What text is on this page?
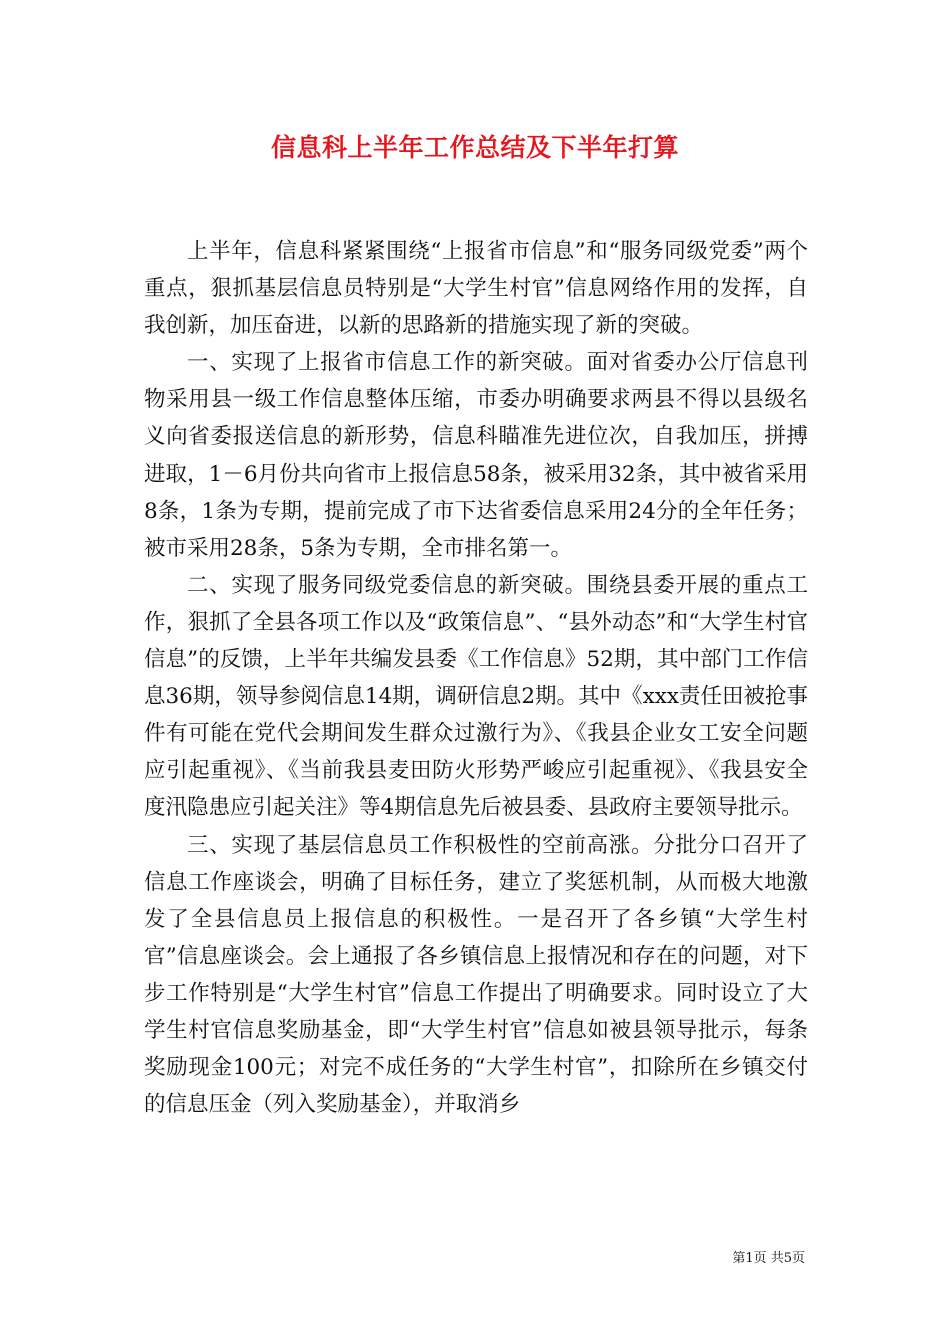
信息科上半年工作总结及下半年打算

上半年，信息科紧紧围绕“上报省市信息”和“服务同级党委”两个重点，狠抓基层信息员特别是“大学生村官”信息网络作用的发挥，自我创新，加压奋进，以新的思路新的措施实现了新的突破。

一、实现了上报省市信息工作的新突破。面对省委办公厅信息刊物采用县一级工作信息整体压缩，市委办明确要求两县不得以县级名义向省委报送信息的新形势，信息科瞄准先进位次，自我加压，拼搏进取，1－6月份共向省市上报信息58条，被采用32条，其中被省采用8条，1条为专期，提前完成了市下达省委信息采用24分的全年任务；被市采用28条，5条为专期，全市排名第一。

二、实现了服务同级党委信息的新突破。围绕县委开展的重点工作，狠抓了全县各项工作以及“政策信息”、“县外动态”和“大学生村官信息”的反馈，上半年共编发县委《工作信息》52期，其中部门工作信息36期，领导参阅信息14期，调研信息2期。其中《xxx责任田被抢事件有可能在党代会期间发生群众过激行为》、《我县企业女工安全问题应引起重视》、《当前我县麦田防火形势严峻应引起重视》、《我县安全度汛隐患应引起关注》等4期信息先后被县委、县政府主要领导批示。

三、实现了基层信息员工作积极性的空前高涨。分批分口召开了信息工作座谈会，明确了目标任务，建立了奖惩机制，从而极大地激发了全县信息员上报信息的积极性。一是召开了各乡镇“大学生村官”信息座谈会。会上通报了各乡镇信息上报情况和存在的问题，对下步工作特别是“大学生村官”信息工作提出了明确要求。同时设立了大学生村官信息奖励基金，即“大学生村官”信息如被县领导批示，每条奖励现金100元；对完不成任务的“大学生村官”，扣除所在乡镇交付的信息压金（列入奖励基金），并取消乡

第1页 共5页
